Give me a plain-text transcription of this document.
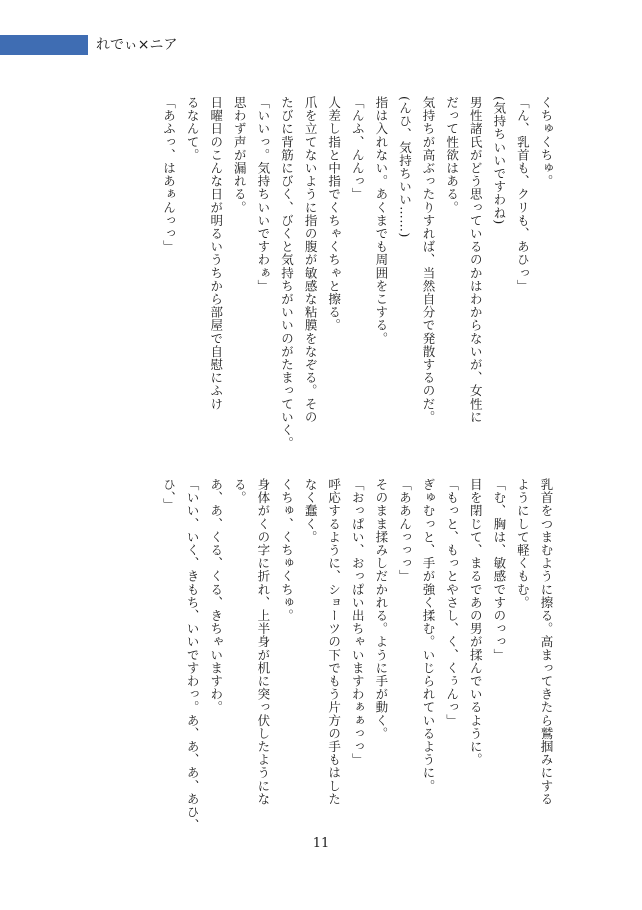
れでぃ×ニア
くちゅくちゅ。
「ん、乳首も、クリも、あひっ」
(気持ちいいですわね)
男性諸氏がどう思っているのかはわからないが、女性に
だって性欲はある。
気持ちが高ぶったりすれば、当然自分で発散するのだ。
(んひ、気持ちいい……)
指は入れない。あくまでも周囲をこする。
「んふ、んんっ」
人差し指と中指でくちゃくちゃと擦る。
爪を立てないように指の腹が敏感な粘膜をなぞる。その
たびに背筋にびく、びくと気持ちがいいのがたまっていく。
「いいっ。気持ちいいですわぁ」
思わず声が漏れる。
日曜日のこんな日が明るいうちから部屋で自慰にふけ
るなんて。
「あふっ、はあぁんっっ」
乳首をつまむように擦る。高まってきたら鷲掴みにする
ようにして軽くもむ。
「む、胸は、敏感ですのっっ」
目を閉じて、まるであの男が揉んでいるように。
「もっと、もっとやさし、く、くぅんっ」
ぎゅむっと、手が強く揉む。いじられているように。
「ああんっっっ」
そのまま揉みしだかれる。ように手が動く。
「おっぱい、おっぱい出ちゃいますわぁぁっっ」
呼応するように、ショーツの下でもう片方の手もはした
なく蠢く。
くちゅ、くちゅくちゅ。
身体がくの字に折れ、上半身が机に突っ伏したようにな
る。
あ、あ、くる、くる、きちゃいますわ。
「いい、いく、きもち、いいですわっ。あ、あ、あ、あひ、
ひ、」
11
